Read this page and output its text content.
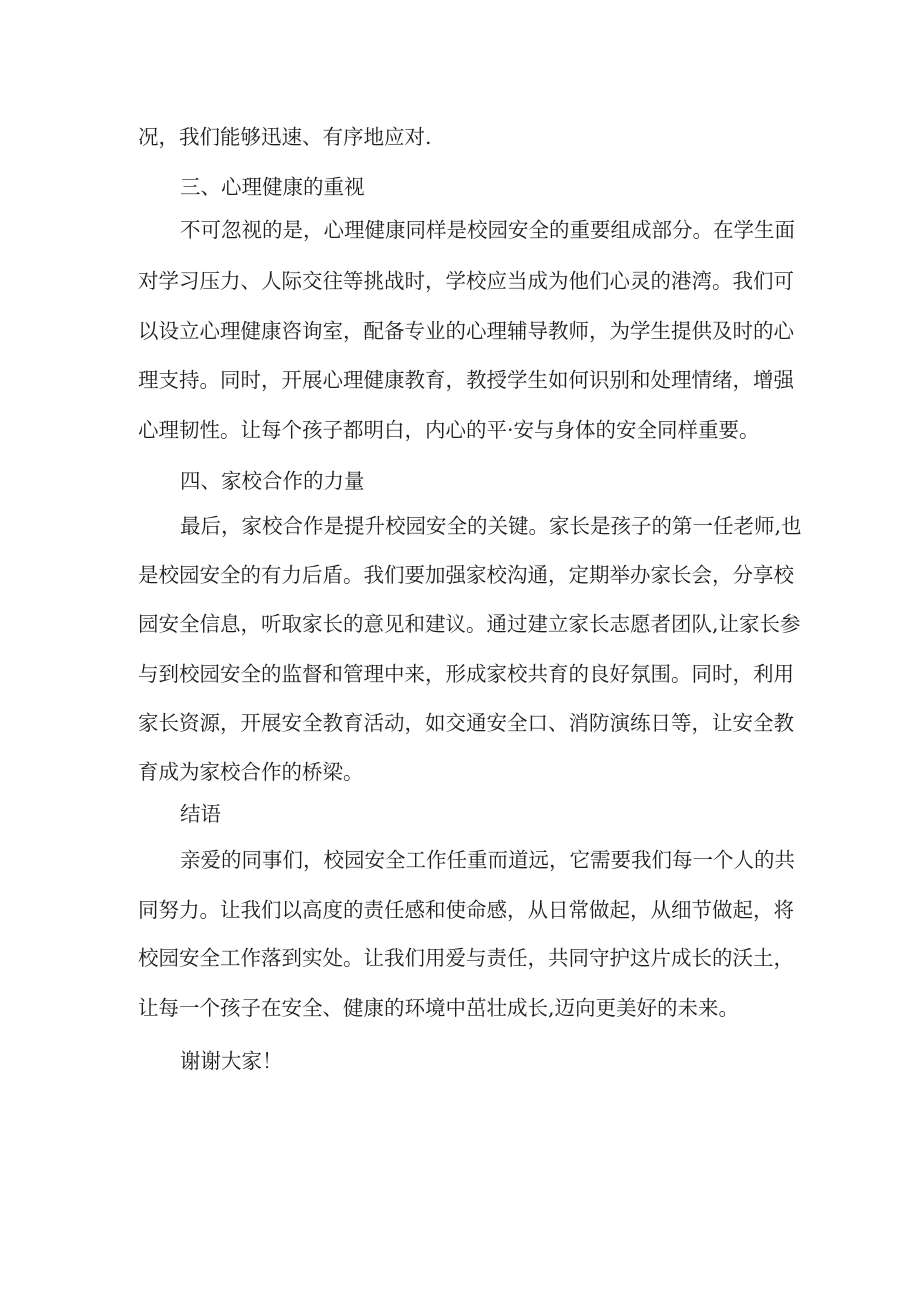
况，我们能够迅速、有序地应对.

三、心理健康的重视

不可忽视的是，心理健康同样是校园安全的重要组成部分。在学生面

对学习压力、人际交往等挑战时，学校应当成为他们心灵的港湾。我们可

以设立心理健康咨询室，配备专业的心理辅导教师，为学生提供及时的心

理支持。同时，开展心理健康教育，教授学生如何识别和处理情绪，增强

心理韧性。让每个孩子都明白，内心的平·安与身体的安全同样重要。

四、家校合作的力量

最后，家校合作是提升校园安全的关键。家长是孩子的第一任老师,也

是校园安全的有力后盾。我们要加强家校沟通，定期举办家长会，分享校

园安全信息，听取家长的意见和建议。通过建立家长志愿者团队,让家长参

与到校园安全的监督和管理中来，形成家校共育的良好氛围。同时，利用

家长资源，开展安全教育活动，如交通安全口、消防演练日等，让安全教

育成为家校合作的桥梁。

结语

亲爱的同事们，校园安全工作任重而道远，它需要我们每一个人的共

同努力。让我们以高度的责任感和使命感，从日常做起，从细节做起，将

校园安全工作落到实处。让我们用爱与责任，共同守护这片成长的沃土，

让每一个孩子在安全、健康的环境中茁壮成长,迈向更美好的未来。

谢谢大家！
